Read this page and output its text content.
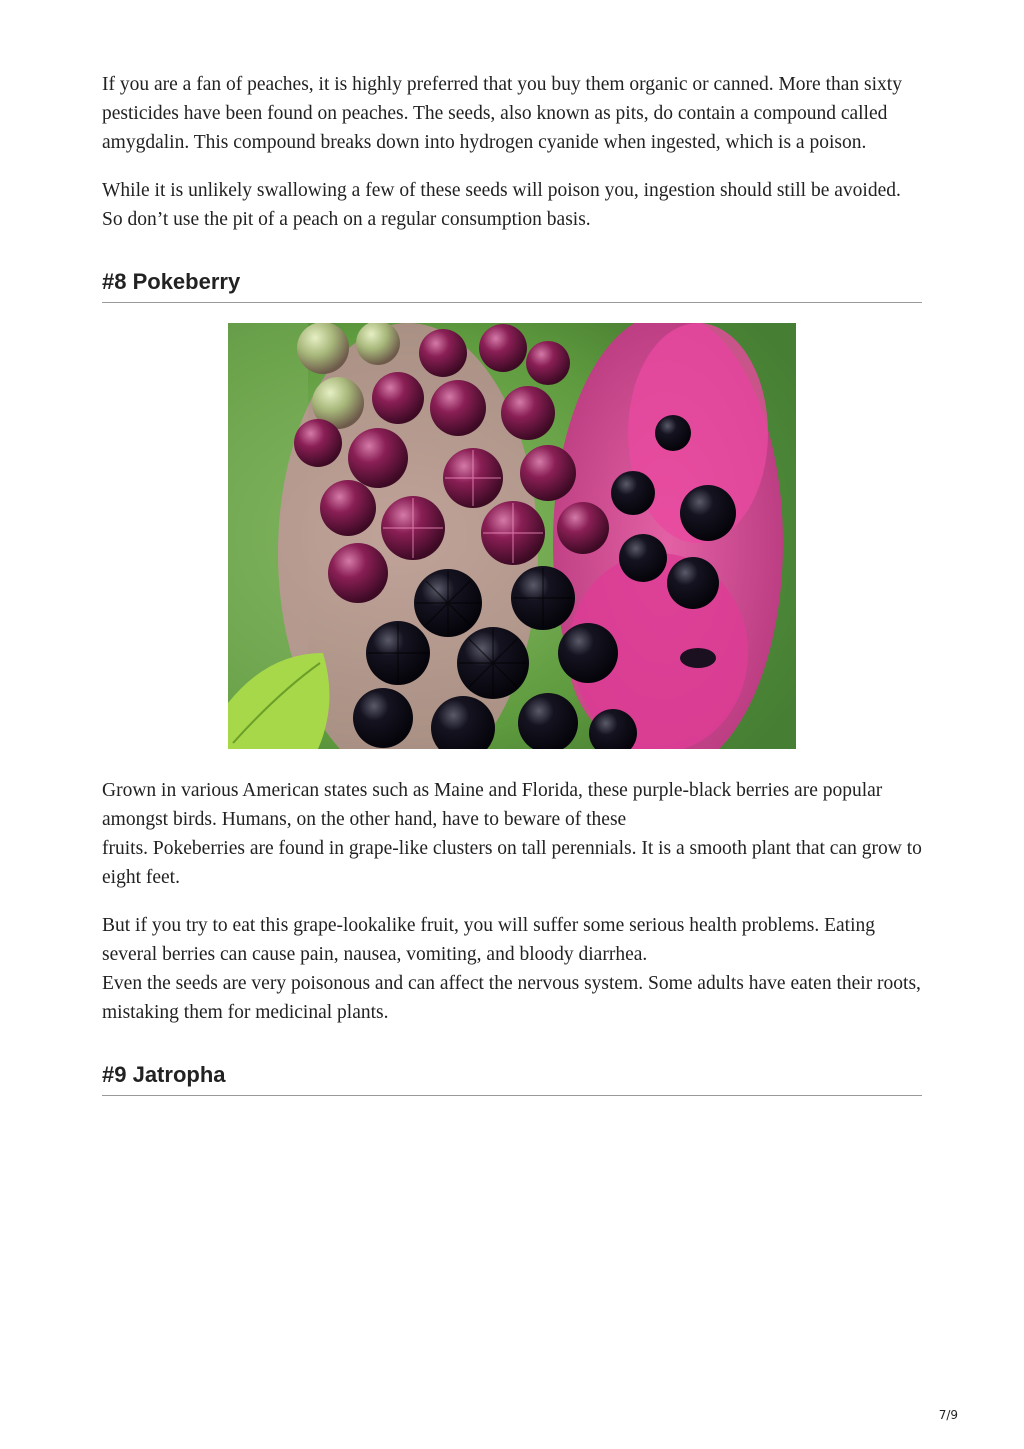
If you are a fan of peaches, it is highly preferred that you buy them organic or canned. More than sixty pesticides have been found on peaches. The seeds, also known as pits, do contain a compound called amygdalin. This compound breaks down into hydrogen cyanide when ingested, which is a poison.

While it is unlikely swallowing a few of these seeds will poison you, ingestion should still be avoided. So don’t use the pit of a peach on a regular consumption basis.

#8 Pokeberry

Grown in various American states such as Maine and Florida, these purple-black berries are popular amongst birds. Humans, on the other hand, have to beware of these
fruits. Pokeberries are found in grape-like clusters on tall perennials. It is a smooth plant that can grow to eight feet.

But if you try to eat this grape-lookalike fruit, you will suffer some serious health problems. Eating several berries can cause pain, nausea, vomiting, and bloody diarrhea.
Even the seeds are very poisonous and can affect the nervous system. Some adults have eaten their roots, mistaking them for medicinal plants.

#9 Jatropha
7/9
